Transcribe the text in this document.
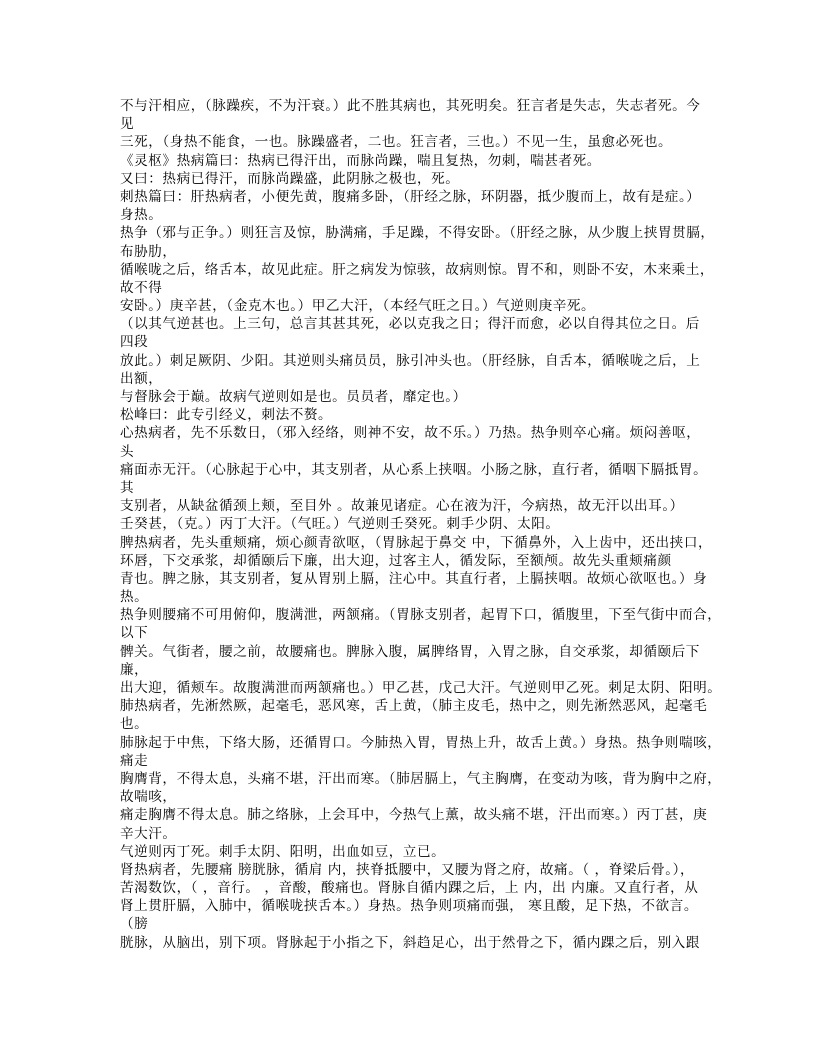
不与汗相应，（脉躁疾，不为汗衰。）此不胜其病也，其死明矣。狂言者是失志，失志者死。今
见
三死，（身热不能食，一也。脉躁盛者，二也。狂言者，三也。）不见一生，虽愈必死也。
《灵枢》热病篇曰：热病已得汗出，而脉尚躁，喘且复热，勿刺，喘甚者死。
又曰：热病已得汗，而脉尚躁盛，此阴脉之极也，死。
刺热篇曰：肝热病者，小便先黄，腹痛多卧，（肝经之脉，环阴器，抵少腹而上，故有是症。）
身热。
热争（邪与正争。）则狂言及惊，胁满痛，手足躁，不得安卧。（肝经之脉，从少腹上挟胃贯膈，
布胁肋，
循喉咙之后，络舌本，故见此症。肝之病发为惊骇，故病则惊。胃不和，则卧不安，木来乘土，
故不得
安卧。）庚辛甚，（金克木也。）甲乙大汗，（本经气旺之日。）气逆则庚辛死。
（以其气逆甚也。上三句，总言其甚其死，必以克我之日；得汗而愈，必以自得其位之日。后
四段
放此。）刺足厥阴、少阳。其逆则头痛员员，脉引冲头也。（肝经脉，自舌本，循喉咙之后，上
出额，
与督脉会于巅。故病气逆则如是也。员员者，靡定也。）
松峰曰：此专引经义，刺法不赘。
心热病者，先不乐数日，（邪入经络，则神不安，故不乐。）乃热。热争则卒心痛。烦闷善呕，
头
痛面赤无汗。（心脉起于心中，其支别者，从心系上挟咽。小肠之脉，直行者，循咽下膈抵胃。
其
支别者，从缺盆循颈上颊，至目外 。故兼见诸症。心在液为汗，今病热，故无汗以出耳。）
壬癸甚，（克。）丙丁大汗。（气旺。）气逆则壬癸死。刺手少阴、太阳。
脾热病者，先头重颊痛，烦心颜青欲呕，（胃脉起于鼻交 中，下循鼻外，入上齿中，还出挟口，
环唇，下交承浆，却循颐后下廉，出大迎，过客主人，循发际，至额颅。故先头重颊痛颜
青也。脾之脉，其支别者，复从胃别上膈，注心中。其直行者，上膈挟咽。故烦心欲呕也。）身
热。
热争则腰痛不可用俯仰，腹满泄，两颔痛。（胃脉支别者，起胃下口，循腹里，下至气街中而合，
以下
髀关。气街者，腰之前，故腰痛也。脾脉入腹，属脾络胃，入胃之脉，自交承浆，却循颐后下
廉，
出大迎，循颊车。故腹满泄而两颔痛也。）甲乙甚，戊己大汗。气逆则甲乙死。刺足太阴、阳明。
肺热病者，先淅然厥，起毫毛，恶风寒，舌上黄，（肺主皮毛，热中之，则先淅然恶风，起毫毛
也。
肺脉起于中焦，下络大肠，还循胃口。今肺热入胃，胃热上升，故舌上黄。）身热。热争则喘咳，
痛走
胸膺背，不得太息，头痛不堪，汗出而寒。（肺居膈上，气主胸膺，在变动为咳，背为胸中之府，
故喘咳，
痛走胸膺不得太息。肺之络脉，上会耳中，今热气上薰，故头痛不堪，汗出而寒。）丙丁甚，庚
辛大汗。
气逆则丙丁死。刺手太阴、阳明，出血如豆，立已。
肾热病者，先腰痛 膀胱脉，循肩 内，挟脊抵腰中，又腰为肾之府，故痛。（ ，脊梁后骨。），
苦渴数饮，（ ，音行。 ，音酸，酸痛也。肾脉自循内踝之后，上 内，出 内廉。又直行者，从
肾上贯肝膈，入肺中，循喉咙挟舌本。）身热。热争则项痛而强， 寒且酸，足下热，不欲言。
（膀
胱脉，从脑出，别下项。肾脉起于小指之下，斜趋足心，出于然骨之下，循内踝之后，别入跟
